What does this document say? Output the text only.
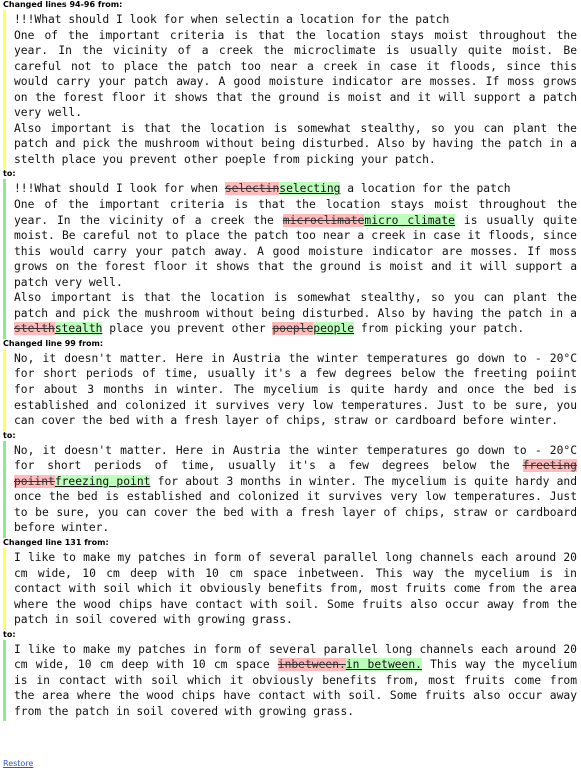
Changed lines 94-96 from:

!!!What should I look for when selectin a location for the patch

One of the important criteria is that the location stays moist throughout the year. In the vicinity of a creek the microclimate is usually quite moist. Be careful not to place the patch too near a creek in case it floods, since this would carry your patch away. A good moisture indicator are mosses. If moss grows on the forest floor it shows that the ground is moist and it will support a patch very well.

Also important is that the location is somewhat stealthy, so you can plant the patch and pick the mushroom without being disturbed. Also by having the patch in a stelth place you prevent other poeple from picking your patch.

to:

!!!What should I look for when selectinselecting a location for the patch

One of the important criteria is that the location stays moist throughout the year. In the vicinity of a creek the microclimatemicro climate is usually quite moist. Be careful not to place the patch too near a creek in case it floods, since this would carry your patch away. A good moisture indicator are mosses. If moss grows on the forest floor it shows that the ground is moist and it will support a patch very well.

Also important is that the location is somewhat stealthy, so you can plant the patch and pick the mushroom without being disturbed. Also by having the patch in a stelthstealth place you prevent other poeplepeople from picking your patch.

Changed line 99 from:

No, it doesn't matter. Here in Austria the winter temperatures go down to - 20°C for short periods of time, usually it's a few degrees below the freeting poiint for about 3 months in winter. The mycelium is quite hardy and once the bed is established and colonized it survives very low temperatures. Just to be sure, you can cover the bed with a fresh layer of chips, straw or cardboard before winter.

to:

No, it doesn't matter. Here in Austria the winter temperatures go down to - 20°C for short periods of time, usually it's a few degrees below the freeting poiintfreezing point for about 3 months in winter. The mycelium is quite hardy and once the bed is established and colonized it survives very low temperatures. Just to be sure, you can cover the bed with a fresh layer of chips, straw or cardboard before winter.

Changed line 131 from:

I like to make my patches in form of several parallel long channels each around 20 cm wide, 10 cm deep with 10 cm space inbetween. This way the mycelium is in contact with soil which it obviously benefits from, most fruits come from the area where the wood chips have contact with soil. Some fruits also occur away from the patch in soil covered with growing grass.

to:

I like to make my patches in form of several parallel long channels each around 20 cm wide, 10 cm deep with 10 cm space inbetween.in between. This way the mycelium is in contact with soil which it obviously benefits from, most fruits come from the area where the wood chips have contact with soil. Some fruits also occur away from the patch in soil covered with growing grass.

Restore
